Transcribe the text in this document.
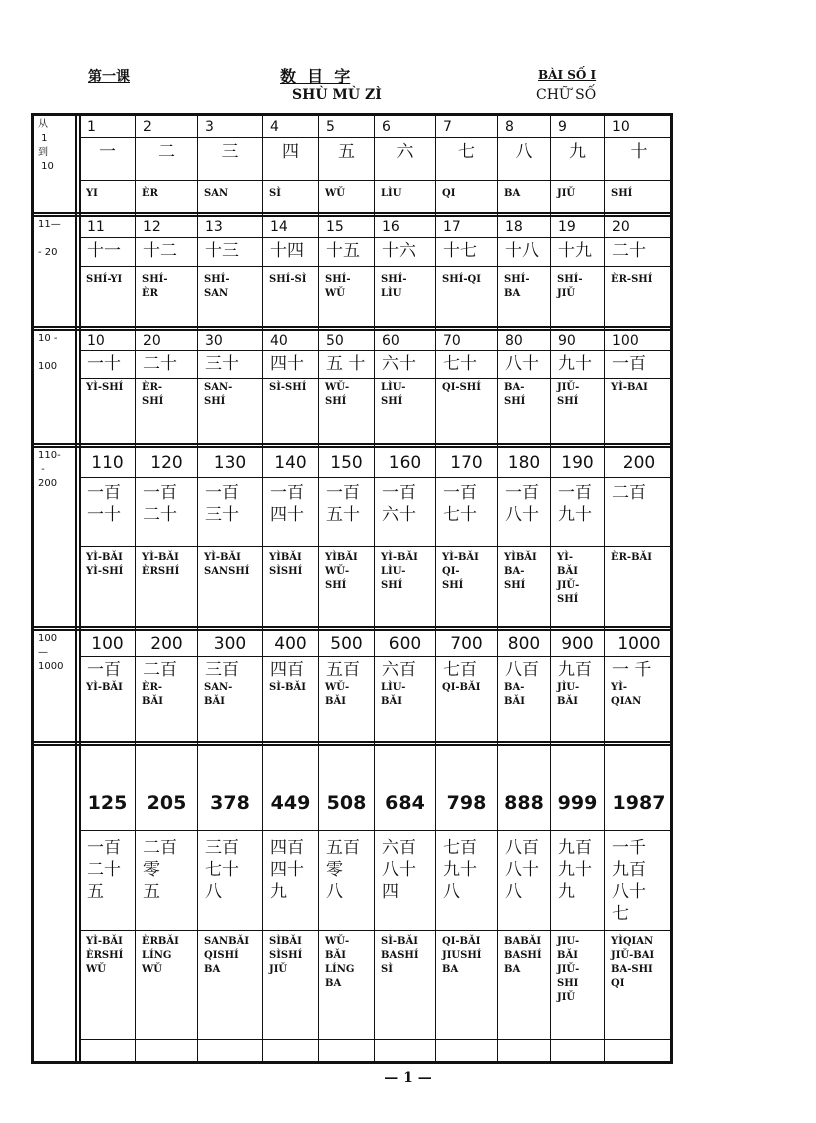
第一课	数  目  字
SHÙ MÙ ZÌ
BÀI SỐ I
CHỮ SỐ
从
1
到
10
1
一
YI
2
二
ÈR
3
三
SAN
4
四
SÌ
5
五
WǓ
6
六
LÌU
7
七
QI
8
八
BA
9
九
JIǓ
10
十
SHÍ
11—

- 20
11
十一
SHÍ-YI
12
十二
SHÍ-
ÈR
13
十三
SHÍ-
SAN
14
十四
SHÍ-SÌ
15
十五
SHÍ-
WǓ
16
十六
SHÍ-
LÌU
17
十七
SHÍ-QI
18
十八
SHÍ-
BA
19
十九
SHÍ-
JIǓ
20
二十
ÈR-SHÍ
10 -

100
10
一十
YÌ-SHÍ
20
二十
ÈR-
SHÍ
30
三十
SAN-
SHÍ
40
四十
SÌ-SHÍ
50
五 十
WǓ-
SHÍ
60
六十
LÌU-
SHÍ
70
七十
QI-SHÍ
80
八十
BA-
SHÍ
90
九十
JIǓ-
SHÍ
100
一百
YÌ-BAI
110-
-
200
110
一百
一十
YÌ-BǍI
YÌ-SHÍ
120
一百
二十
YÌ-BǍI
ÈRSHÍ
130
一百
三十
YÌ-BǍI
SANSHÍ
140
一百
四十
YÌBǍI
SÌSHÍ
150
一百
五十
YÌBǍI
WǓ-
SHÍ
160
一百
六十
YÌ-BǍI
LÌU-
SHÍ
170
一百
七十
YÌ-BǍI
QI-
SHÍ
180
一百
八十
YÌBǍI
BA-
SHÍ
190
一百
九十
YÌ-
BǍI
JIǓ-
SHÍ
200
二百
ÈR-BǍI
100
—
1000
100
一百
YÌ-BǍI
200
二百
ÈR-
BǍI
300
三百
SAN-
BǍI
400
四百
SÌ-BǍI
500
五百
WǓ-
BǍI
600
六百
LÌU-
BǍI
700
七百
QI-BǍI
800
八百
BA-
BǍI
900
九百
JÌU-
BǍI
1000
一 千
YÌ-
QIAN
125
一百
二十
五
YÌ-BǍI
ÈRSHÍ
WǓ
205
二百
零
五
ÈRBǍI
LÍNG
WǓ
378
三百
七十
八
SANBǍI
QISHÍ
BA
449
四百
四十
九
SÌBǍI
SÌSHÍ
JIǓ
508
五百
零
八
WǓ-
BǍI
LÍNG
BA
684
六百
八十
四
SÌ-BǍI
BASHÍ
SÌ
798
七百
九十
八
QI-BǍI
JIUSHÍ
BA
888
八百
八十
八
BABǍI
BASHÍ
BA
999
九百
九十
九
JIU-
BǍI
JIǓ-
SHI
JIǓ
1987
一千
九百
八十
七
YÌQIAN
JIǓ-BAI
BA-SHI
QI
— 1 —
